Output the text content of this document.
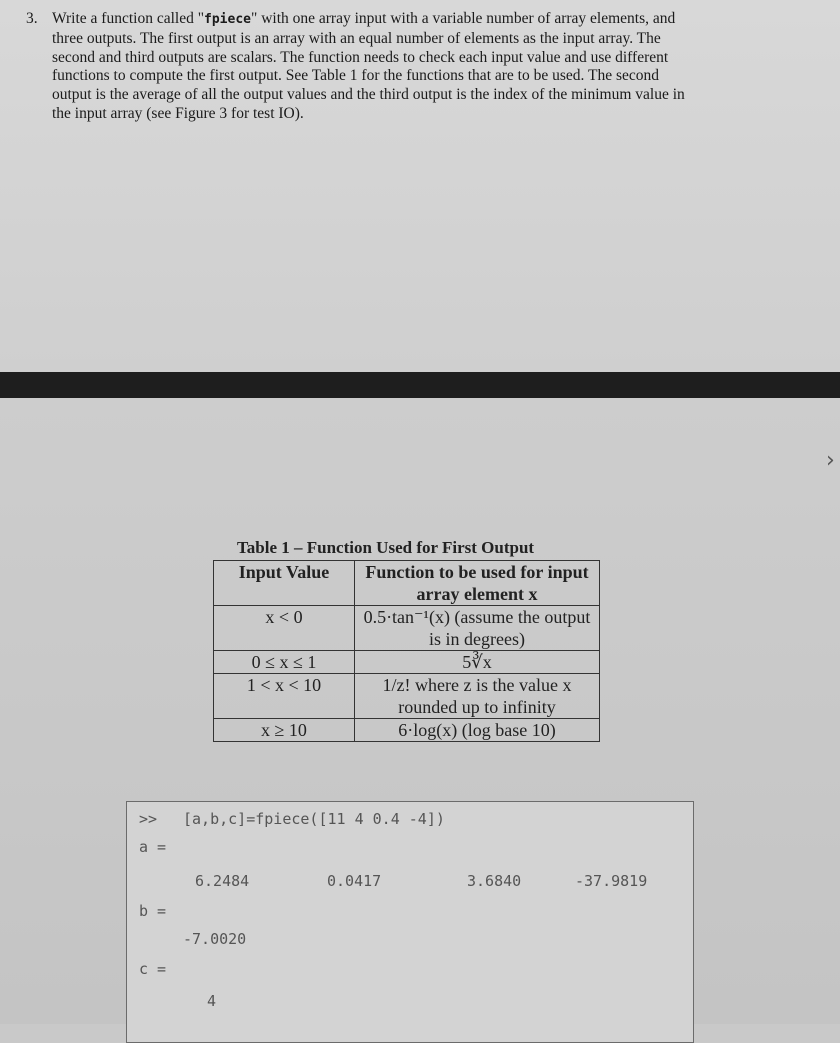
3. Write a function called "fpiece" with one array input with a variable number of array elements, and
three outputs. The first output is an array with an equal number of elements as the input array. The
second and third outputs are scalars. The function needs to check each input value and use different
functions to compute the first output. See Table 1 for the functions that are to be used. The second
output is the average of all the output values and the third output is the index of the minimum value in
the input array (see Figure 3 for test IO).
›
Table 1 – Function Used for First Output
Input Value	Function to be used for input array element x
x < 0	0.5·tan⁻¹(x) (assume the output is in degrees)
0 ≤ x ≤ 1	5∛x
1 < x < 10	1/z! where z is the value x rounded up to infinity
x ≥ 10	6·log(x) (log base 10)
>> [a,b,c]=fpiece([11 4 0.4 -4])
a =
6.2484	0.0417	3.6840	-37.9819
b =
-7.0020
c =
4
